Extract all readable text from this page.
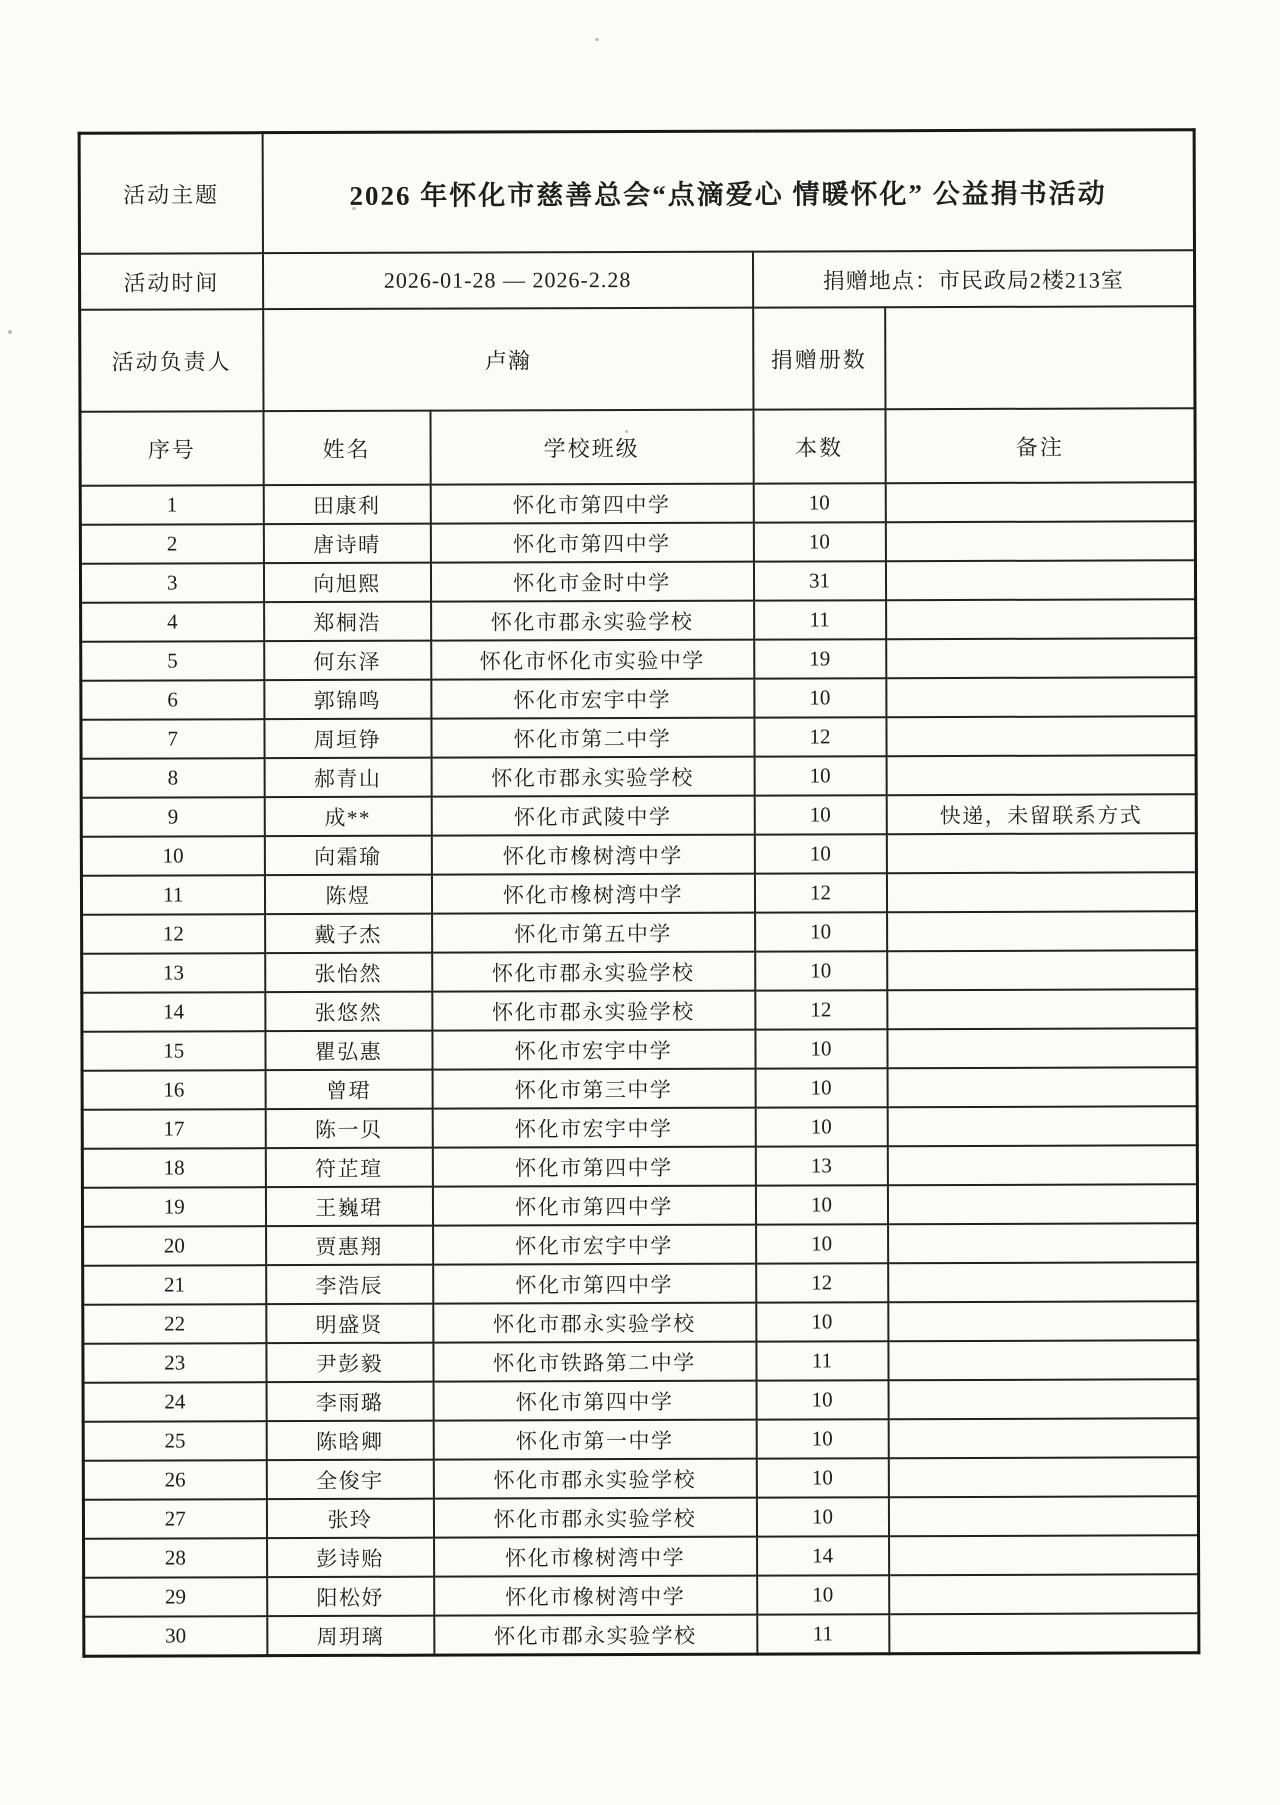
活动主题	2026 年怀化市慈善总会“点滴爱心 情暖怀化” 公益捐书活动			
活动时间	2026-01-28 — 2026-2.28		捐赠地点：市民政局2楼213室	
活动负责人	卢瀚		捐赠册数	
序号	姓名	学校班级	本数	备注
1	田康利	怀化市第四中学	10	
2	唐诗晴	怀化市第四中学	10	
3	向旭熙	怀化市金时中学	31	
4	郑桐浩	怀化市郡永实验学校	11	
5	何东泽	怀化市怀化市实验中学	19	
6	郭锦鸣	怀化市宏宇中学	10	
7	周垣铮	怀化市第二中学	12	
8	郝青山	怀化市郡永实验学校	10	
9	成**	怀化市武陵中学	10	快递，未留联系方式
10	向霜瑜	怀化市橡树湾中学	10	
11	陈煜	怀化市橡树湾中学	12	
12	戴子杰	怀化市第五中学	10	
13	张怡然	怀化市郡永实验学校	10	
14	张悠然	怀化市郡永实验学校	12	
15	瞿弘惠	怀化市宏宇中学	10	
16	曾珺	怀化市第三中学	10	
17	陈一贝	怀化市宏宇中学	10	
18	符芷瑄	怀化市第四中学	13	
19	王巍珺	怀化市第四中学	10	
20	贾惠翔	怀化市宏宇中学	10	
21	李浩辰	怀化市第四中学	12	
22	明盛贤	怀化市郡永实验学校	10	
23	尹彭毅	怀化市铁路第二中学	11	
24	李雨璐	怀化市第四中学	10	
25	陈晗卿	怀化市第一中学	10	
26	全俊宇	怀化市郡永实验学校	10	
27	张玲	怀化市郡永实验学校	10	
28	彭诗贻	怀化市橡树湾中学	14	
29	阳松妤	怀化市橡树湾中学	10	
30	周玥璃	怀化市郡永实验学校	11	
